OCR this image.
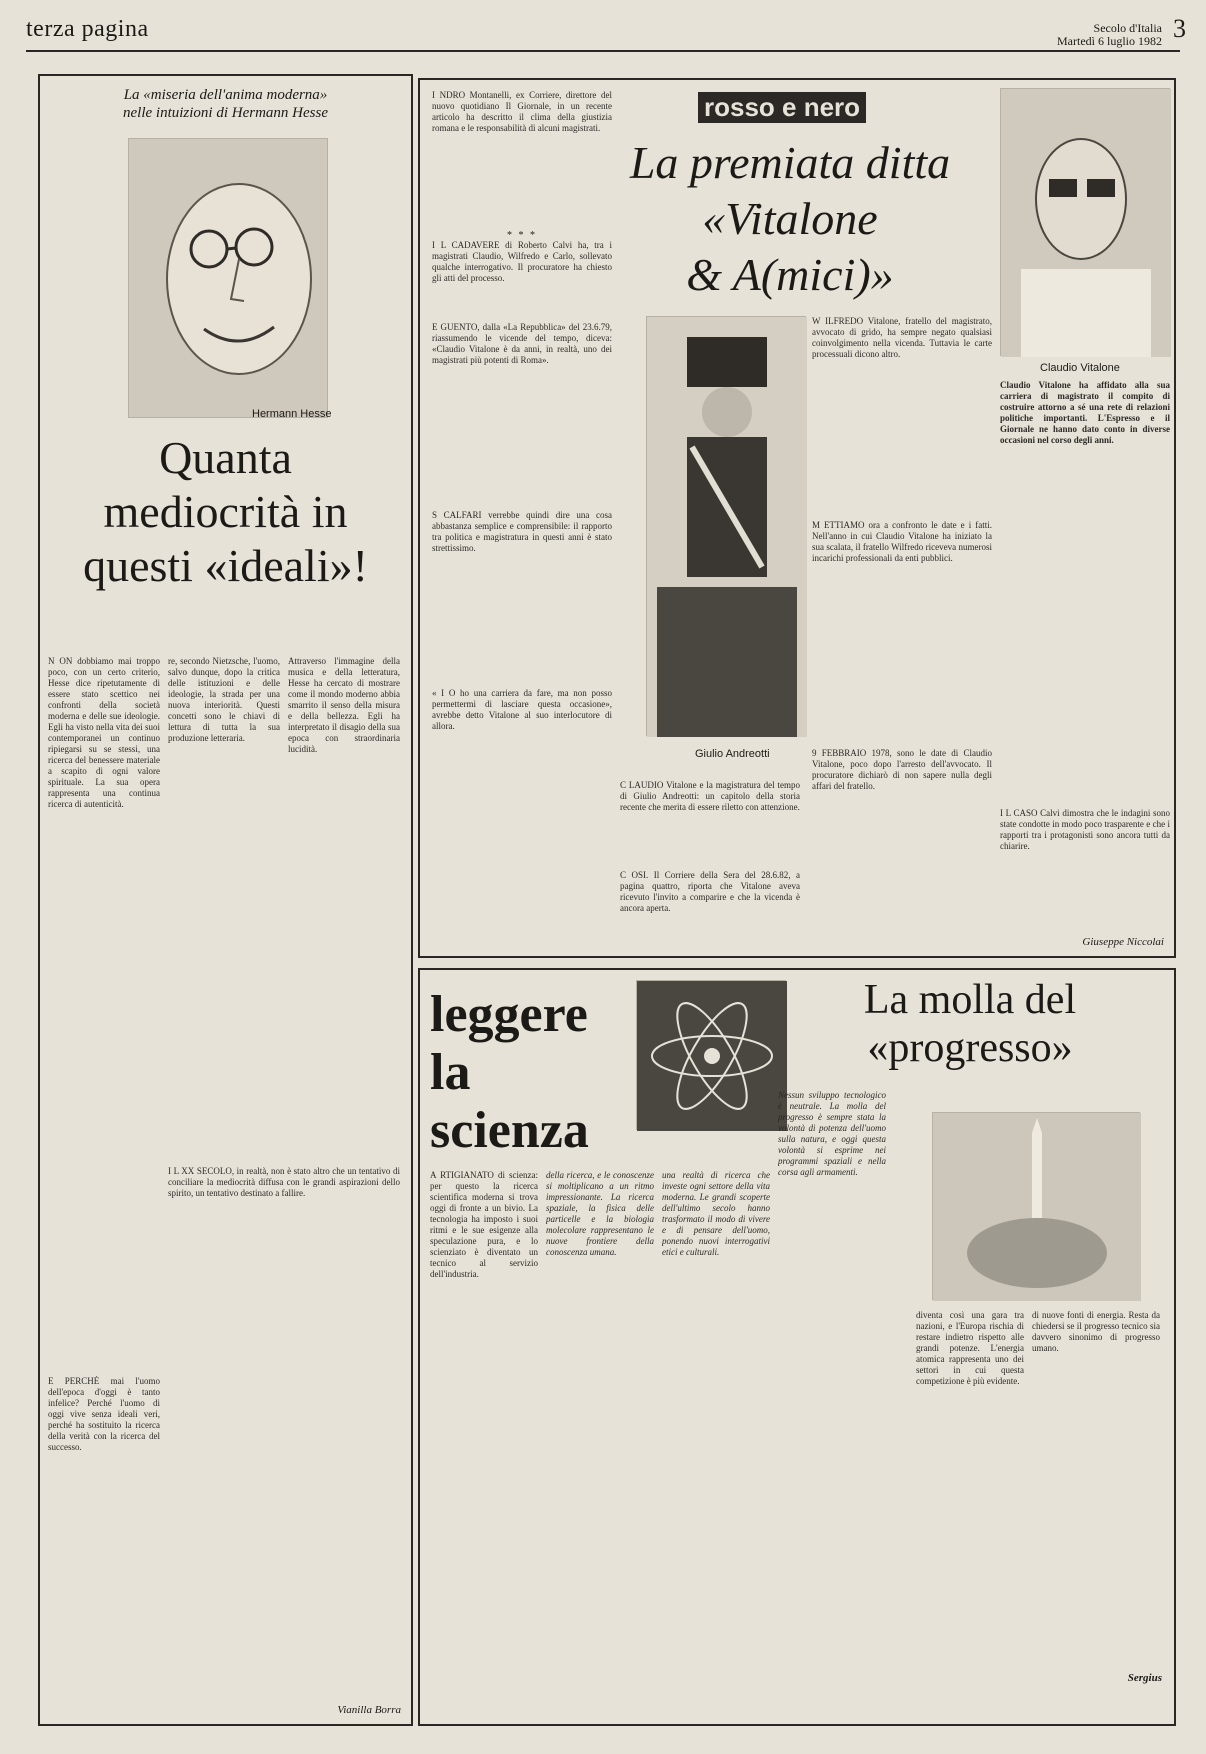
terza pagina	Secolo d'Italia
Martedì 6 luglio 1982 3
La «miseria dell'anima moderna»
nelle intuizioni di Hermann Hesse
Hermann Hesse
Quanta mediocrità in questi «ideali»!
N ON dobbiamo mai troppo poco, con un certo criterio, Hesse dice ripetutamente di essere stato scettico nei confronti della società moderna e delle sue ideologie. Egli ha visto nella vita dei suoi contemporanei un continuo ripiegarsi su se stessi, una ricerca del benessere materiale a scapito di ogni valore spirituale. La sua opera rappresenta una continua ricerca di autenticità.
re, secondo Nietzsche, l'uomo, salvo dunque, dopo la critica delle istituzioni e delle ideologie, la strada per una nuova interiorità. Questi concetti sono le chiavi di lettura di tutta la sua produzione letteraria.
Attraverso l'immagine della musica e della letteratura, Hesse ha cercato di mostrare come il mondo moderno abbia smarrito il senso della misura e della bellezza. Egli ha interpretato il disagio della sua epoca con straordinaria lucidità.
I L XX SECOLO, in realtà, non è stato altro che un tentativo di conciliare la mediocrità diffusa con le grandi aspirazioni dello spirito, un tentativo destinato a fallire.
E PERCHÉ mai l'uomo dell'epoca d'oggi è tanto infelice? Perché l'uomo di oggi vive senza ideali veri, perché ha sostituito la ricerca della verità con la ricerca del successo.
Vianilla Borra
I NDRO Montanelli, ex Corriere, direttore del nuovo quotidiano Il Giornale, in un recente articolo ha descritto il clima della giustizia romana e le responsabilità di alcuni magistrati.
* * *
I L CADAVERE di Roberto Calvi ha, tra i magistrati Claudio, Wilfredo e Carlo, sollevato qualche interrogativo. Il procuratore ha chiesto gli atti del processo.
E GUENTO, dalla «La Repubblica» del 23.6.79, riassumendo le vicende del tempo, diceva: «Claudio Vitalone è da anni, in realtà, uno dei magistrati più potenti di Roma».
S CALFARI verrebbe quindi dire una cosa abbastanza semplice e comprensibile: il rapporto tra politica e magistratura in questi anni è stato strettissimo.
« I O ho una carriera da fare, ma non posso permettermi di lasciare questa occasione», avrebbe detto Vitalone al suo interlocutore di allora.
rosso e nero
La premiata ditta
«Vitalone
& A(mici)»
Giulio Andreotti
W ILFREDO Vitalone, fratello del magistrato, avvocato di grido, ha sempre negato qualsiasi coinvolgimento nella vicenda. Tuttavia le carte processuali dicono altro.
M ETTIAMO ora a confronto le date e i fatti. Nell'anno in cui Claudio Vitalone ha iniziato la sua scalata, il fratello Wilfredo riceveva numerosi incarichi professionali da enti pubblici.
9 FEBBRAIO 1978, sono le date di Claudio Vitalone, poco dopo l'arresto dell'avvocato. Il procuratore dichiarò di non sapere nulla degli affari del fratello.
C LAUDIO Vitalone e la magistratura del tempo di Giulio Andreotti: un capitolo della storia recente che merita di essere riletto con attenzione.
C OSI. Il Corriere della Sera del 28.6.82, a pagina quattro, riporta che Vitalone aveva ricevuto l'invito a comparire e che la vicenda è ancora aperta.
Claudio Vitalone
Claudio Vitalone ha affidato alla sua carriera di magistrato il compito di costruire attorno a sé una rete di relazioni politiche importanti. L'Espresso e il Giornale ne hanno dato conto in diverse occasioni nel corso degli anni.
I L CASO Calvi dimostra che le indagini sono state condotte in modo poco trasparente e che i rapporti tra i protagonisti sono ancora tutti da chiarire.
Giuseppe Niccolai
leggere la scienza
La molla del «progresso»
A RTIGIANATO di scienza: per questo la ricerca scientifica moderna si trova oggi di fronte a un bivio. La tecnologia ha imposto i suoi ritmi e le sue esigenze alla speculazione pura, e lo scienziato è diventato un tecnico al servizio dell'industria.
della ricerca, e le conoscenze si moltiplicano a un ritmo impressionante. La ricerca spaziale, la fisica delle particelle e la biologia molecolare rappresentano le nuove frontiere della conoscenza umana.
una realtà di ricerca che investe ogni settore della vita moderna. Le grandi scoperte dell'ultimo secolo hanno trasformato il modo di vivere e di pensare dell'uomo, ponendo nuovi interrogativi etici e culturali.
Nessun sviluppo tecnologico è neutrale. La molla del progresso è sempre stata la volontà di potenza dell'uomo sulla natura, e oggi questa volontà si esprime nei programmi spaziali e nella corsa agli armamenti.
diventa così una gara tra nazioni, e l'Europa rischia di restare indietro rispetto alle grandi potenze. L'energia atomica rappresenta uno dei settori in cui questa competizione è più evidente.
di nuove fonti di energia. Resta da chiedersi se il progresso tecnico sia davvero sinonimo di progresso umano.
Sergius
